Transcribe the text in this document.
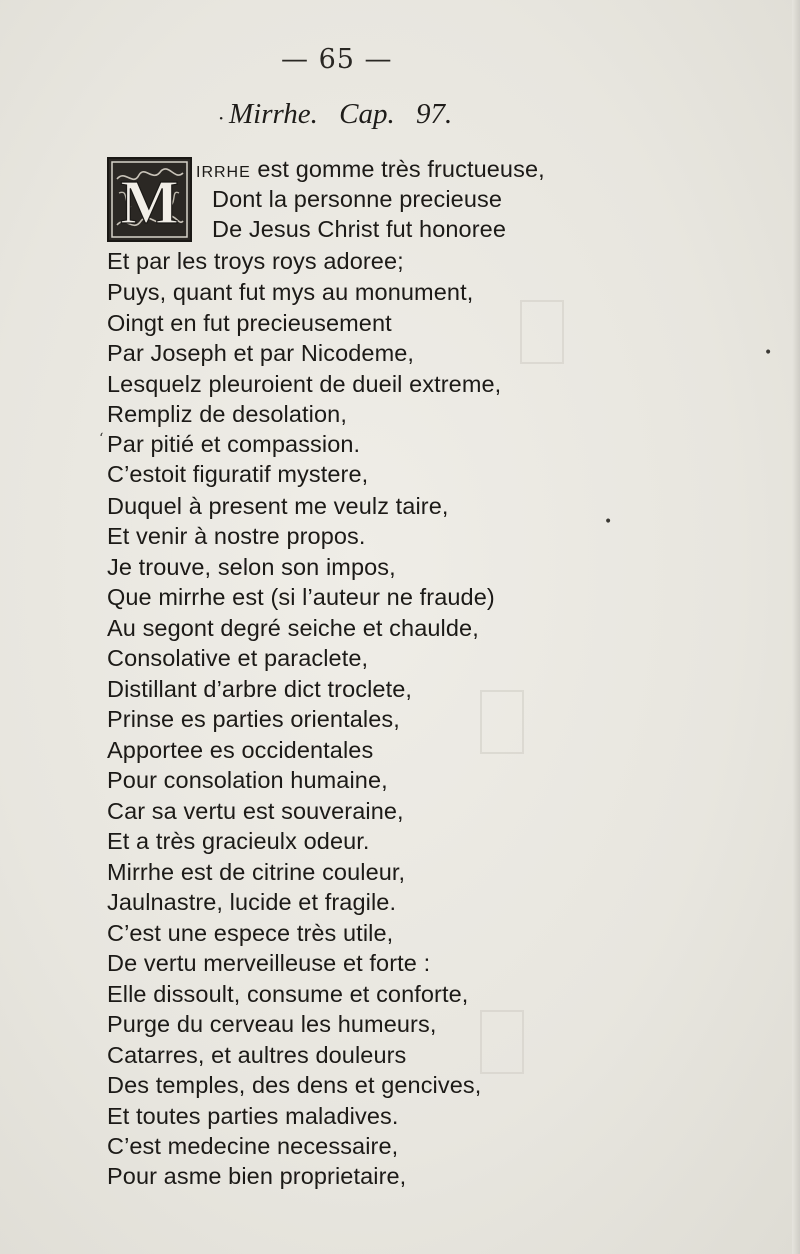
— 65 —
· Mirrhe. Cap. 97.
M IRRHE est gomme très fructueuse,
Dont la personne precieuse
De Jesus Christ fut honoree
Et par les troys roys adoree;
Puys, quant fut mys au monument,
Oingt en fut precieusement
Par Joseph et par Nicodeme,
Lesquelz pleuroient de dueil extreme,
Rempliz de desolation,
‘ Par pitié et compassion.
C’estoit figuratif mystere,
Duquel à present me veulz taire,
Et venir à nostre propos.
Je trouve, selon son impos,
Que mirrhe est (si l’auteur ne fraude)
Au segont degré seiche et chaulde,
Consolative et paraclete,
Distillant d’arbre dict troclete,
Prinse es parties orientales,
Apportee es occidentales
Pour consolation humaine,
Car sa vertu est souveraine,
Et a très gracieulx odeur.
Mirrhe est de citrine couleur,
Jaulnastre, lucide et fragile.
C’est une espece très utile,
De vertu merveilleuse et forte :
Elle dissoult, consume et conforte,
Purge du cerveau les humeurs,
Catarres, et aultres douleurs
Des temples, des dens et gencives,
Et toutes parties maladives.
C’est medecine necessaire,
Pour asme bien proprietaire,
•
•
